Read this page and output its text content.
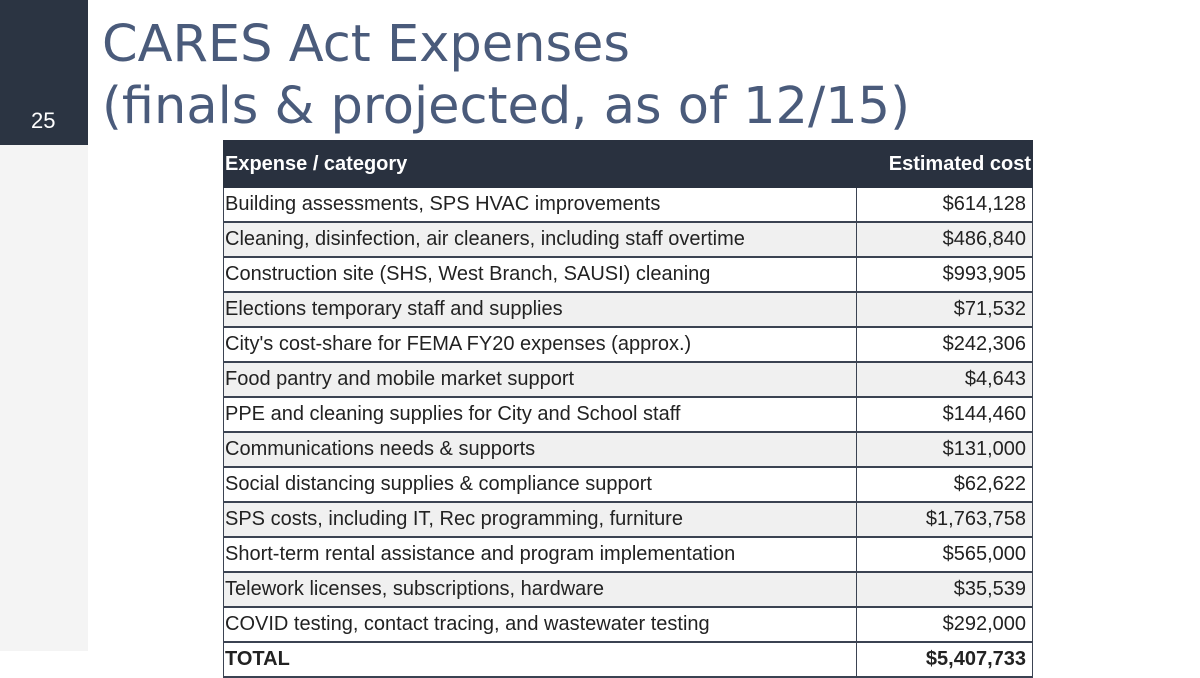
25
CARES Act Expenses
(finals & projected, as of 12/15)
Expense / category	Estimated cost
Building assessments, SPS HVAC improvements	$614,128
Cleaning, disinfection, air cleaners, including staff overtime	$486,840
Construction site (SHS, West Branch, SAUSI) cleaning	$993,905
Elections temporary staff and supplies	$71,532
City's cost-share for FEMA FY20 expenses (approx.)	$242,306
Food pantry and mobile market support	$4,643
PPE and cleaning supplies for City and School staff	$144,460
Communications needs & supports	$131,000
Social distancing supplies & compliance support	$62,622
SPS costs, including IT, Rec programming, furniture	$1,763,758
Short-term rental assistance and program implementation	$565,000
Telework licenses, subscriptions, hardware	$35,539
COVID testing, contact tracing, and wastewater testing	$292,000
TOTAL	$5,407,733
